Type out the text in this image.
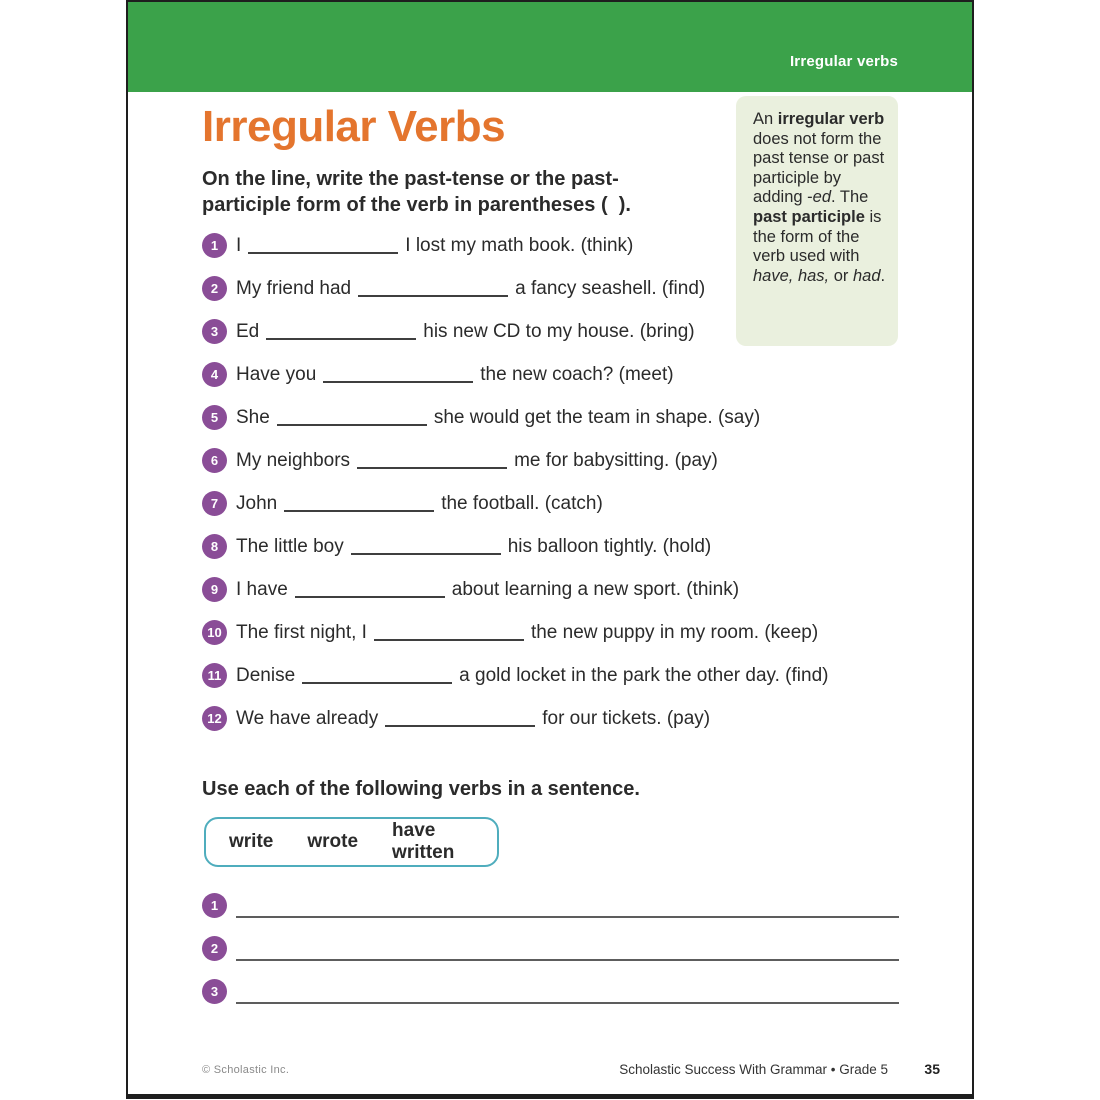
Irregular verbs
Irregular Verbs
On the line, write the past-tense or the past-participle form of the verb in parentheses (  ).
An irregular verb does not form the past tense or past participle by adding -ed. The past participle is the form of the verb used with have, has, or had.
1 I	I lost my math book. (think)
2 My friend had	a fancy seashell. (find)
3 Ed	his new CD to my house. (bring)
4 Have you	the new coach? (meet)
5 She	she would get the team in shape. (say)
6 My neighbors	me for babysitting. (pay)
7 John	the football. (catch)
8 The little boy	his balloon tightly. (hold)
9 I have	about learning a new sport. (think)
10 The first night, I	the new puppy in my room. (keep)
11 Denise	a gold locket in the park the other day. (find)
12 We have already	for our tickets. (pay)
Use each of the following verbs in a sentence.
write wrote
have written
1
2
3
© Scholastic Inc.	Scholastic Success With Grammar • Grade 5	35
